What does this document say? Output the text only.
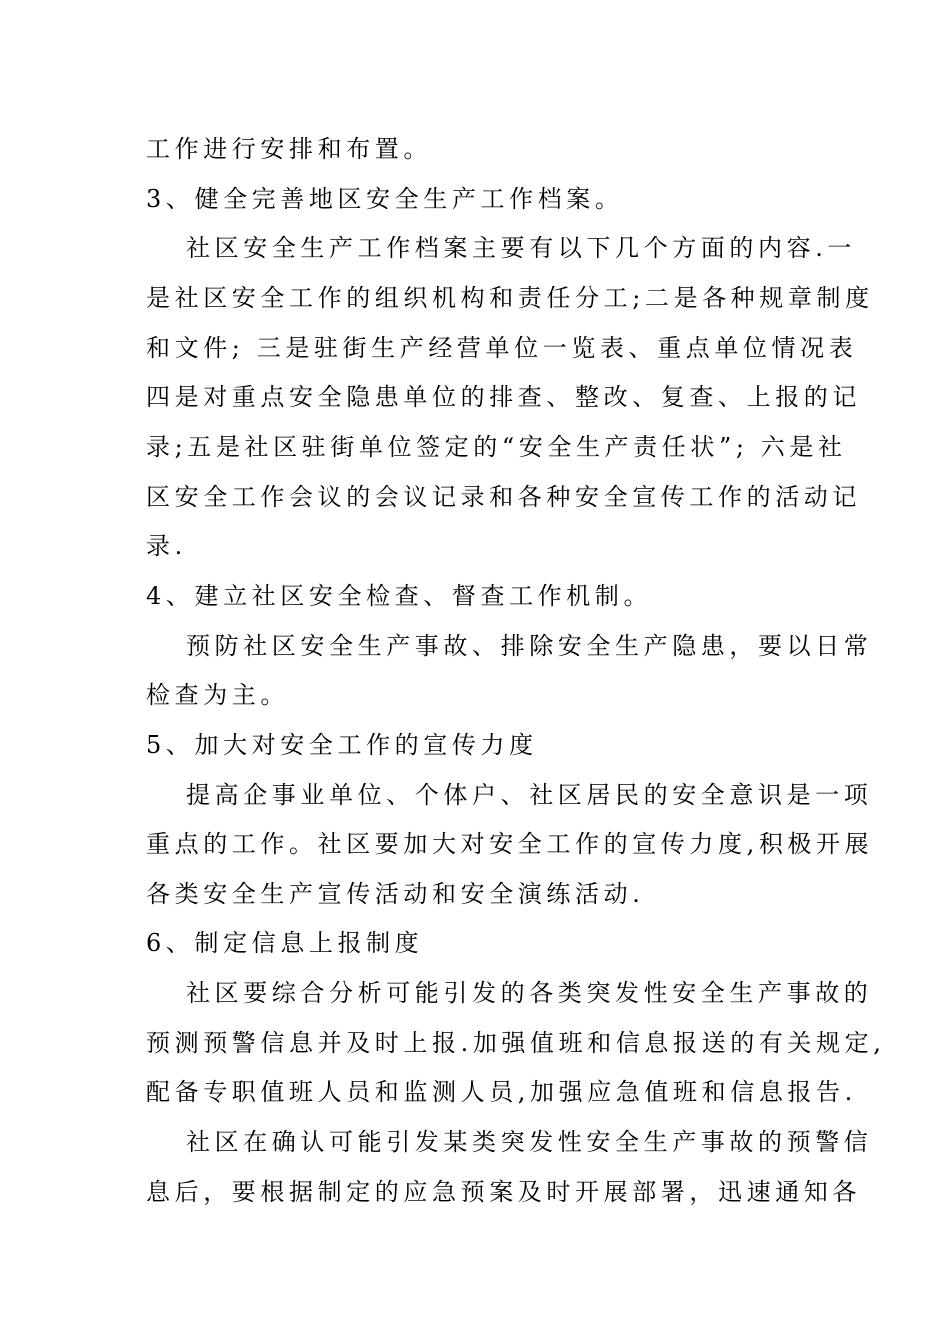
工作进行安排和布置。
3、健全完善地区安全生产工作档案。
社区安全生产工作档案主要有以下几个方面的内容.一
是社区安全工作的组织机构和责任分工;二是各种规章制度
和文件; 三是驻街生产经营单位一览表、重点单位情况表
四是对重点安全隐患单位的排查、整改、复查、上报的记
录;五是社区驻街单位签定的“安全生产责任状”; 六是社
区安全工作会议的会议记录和各种安全宣传工作的活动记
录.
4、建立社区安全检查、督查工作机制。
预防社区安全生产事故、排除安全生产隐患，要以日常
检查为主。
5、加大对安全工作的宣传力度
提高企事业单位、个体户、社区居民的安全意识是一项
重点的工作。社区要加大对安全工作的宣传力度,积极开展
各类安全生产宣传活动和安全演练活动.
6、制定信息上报制度
社区要综合分析可能引发的各类突发性安全生产事故的
预测预警信息并及时上报.加强值班和信息报送的有关规定,
配备专职值班人员和监测人员,加强应急值班和信息报告.
社区在确认可能引发某类突发性安全生产事故的预警信
息后，要根据制定的应急预案及时开展部署，迅速通知各
